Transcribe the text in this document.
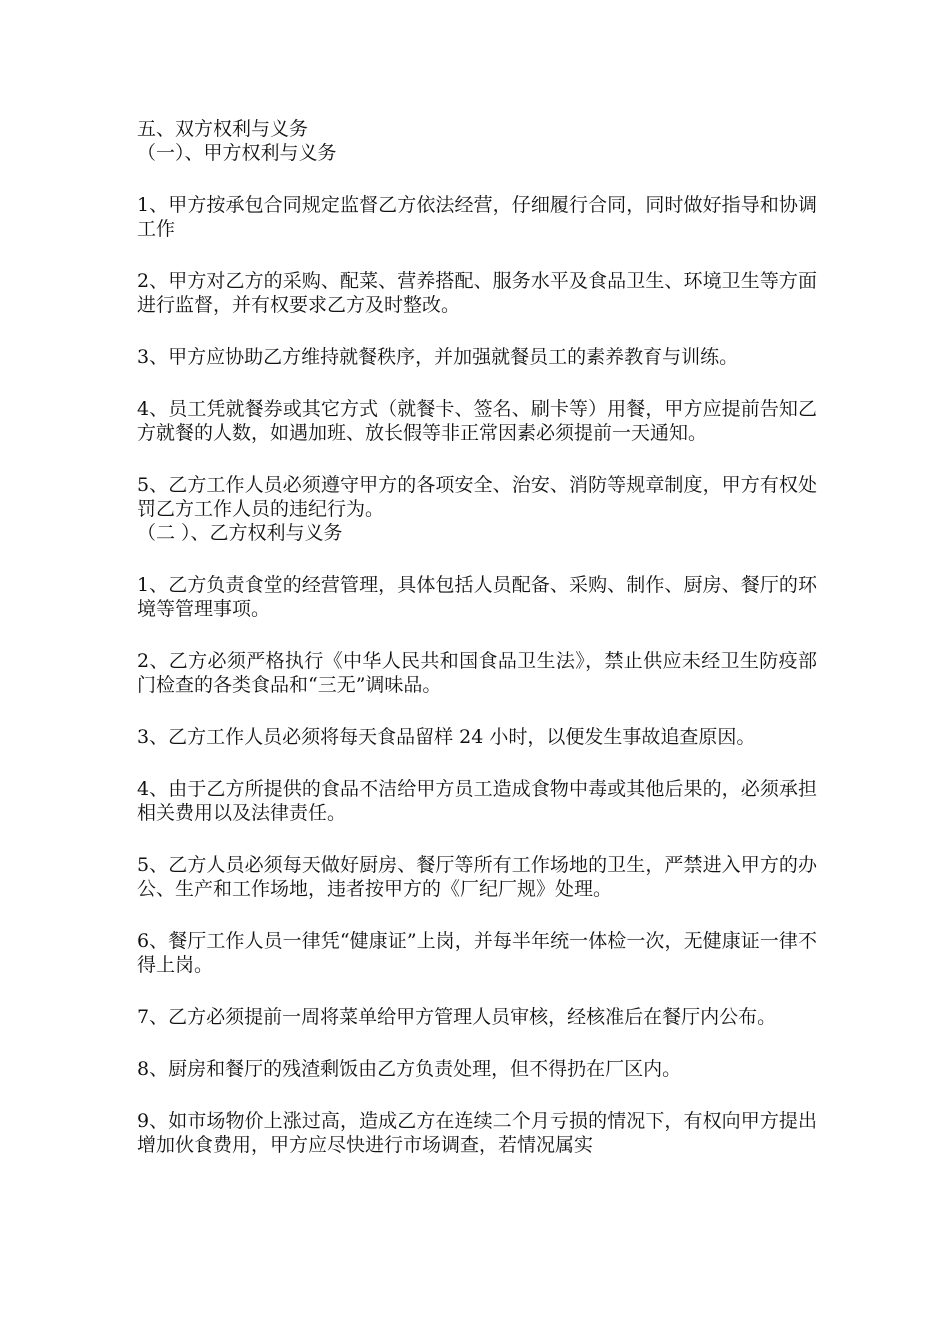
五、双方权利与义务
（一）、甲方权利与义务
1、甲方按承包合同规定监督乙方依法经营，仔细履行合同，同时做好指导和协调工作
2、甲方对乙方的采购、配菜、营养搭配、服务水平及食品卫生、环境卫生等方面进行监督，并有权要求乙方及时整改。
3、甲方应协助乙方维持就餐秩序，并加强就餐员工的素养教育与训练。
4、员工凭就餐券或其它方式（就餐卡、签名、刷卡等）用餐，甲方应提前告知乙方就餐的人数，如遇加班、放长假等非正常因素必须提前一天通知。
5、乙方工作人员必须遵守甲方的各项安全、治安、消防等规章制度，甲方有权处罚乙方工作人员的违纪行为。
（二 ）、乙方权利与义务
1、乙方负责食堂的经营管理，具体包括人员配备、采购、制作、厨房、餐厅的环境等管理事项。
2、乙方必须严格执行《中华人民共和国食品卫生法》，禁止供应未经卫生防疫部门检查的各类食品和“三无”调味品。
3、乙方工作人员必须将每天食品留样 24 小时，以便发生事故追查原因。
4、由于乙方所提供的食品不洁给甲方员工造成食物中毒或其他后果的，必须承担相关费用以及法律责任。
5、乙方人员必须每天做好厨房、餐厅等所有工作场地的卫生，严禁进入甲方的办公、生产和工作场地，违者按甲方的《厂纪厂规》处理。
6、餐厅工作人员一律凭“健康证”上岗，并每半年统一体检一次，无健康证一律不得上岗。
7、乙方必须提前一周将菜单给甲方管理人员审核，经核准后在餐厅内公布。
8、厨房和餐厅的残渣剩饭由乙方负责处理，但不得扔在厂区内。
9、如市场物价上涨过高，造成乙方在连续二个月亏损的情况下，有权向甲方提出增加伙食费用，甲方应尽快进行市场调查，若情况属实
